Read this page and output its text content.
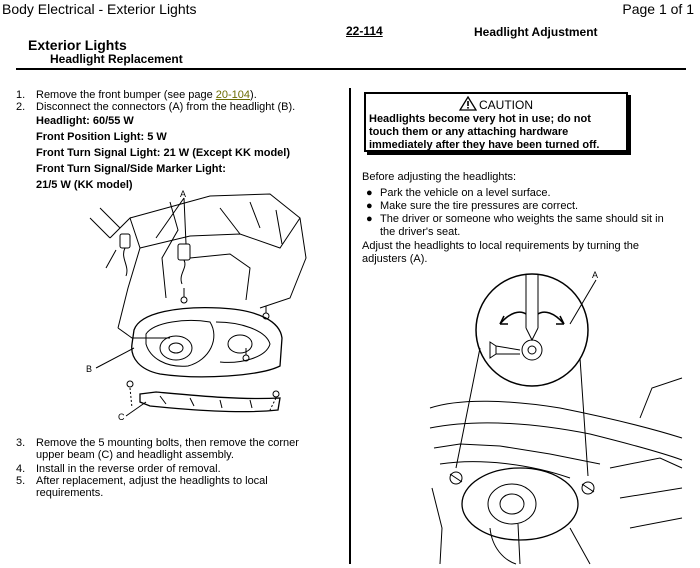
Body Electrical - Exterior Lights	Page 1 of 1
22-114	Headlight Adjustment
Exterior Lights
Headlight Replacement
1. Remove the front bumper (see page 20-104).
2. Disconnect the connectors (A) from the headlight (B).
Headlight: 60/55 W
Front Position Light: 5 W
Front Turn Signal Light: 21 W (Except KK model)
Front Turn Signal/Side Marker Light:
21/5 W (KK model)
A
B
C
3. Remove the 5 mounting bolts, then remove the corner
upper beam (C) and headlight assembly.
4. Install in the reverse order of removal.
5. After replacement, adjust the headlights to local
requirements.
CAUTION
Headlights become very hot in use; do not
touch them or any attaching hardware
immediately after they have been turned off.
Before adjusting the headlights:
● Park the vehicle on a level surface.
● Make sure the tire pressures are correct.
● The driver or someone who weights the same should sit in
the driver's seat.
Adjust the headlights to local requirements by turning the
adjusters (A).
A
